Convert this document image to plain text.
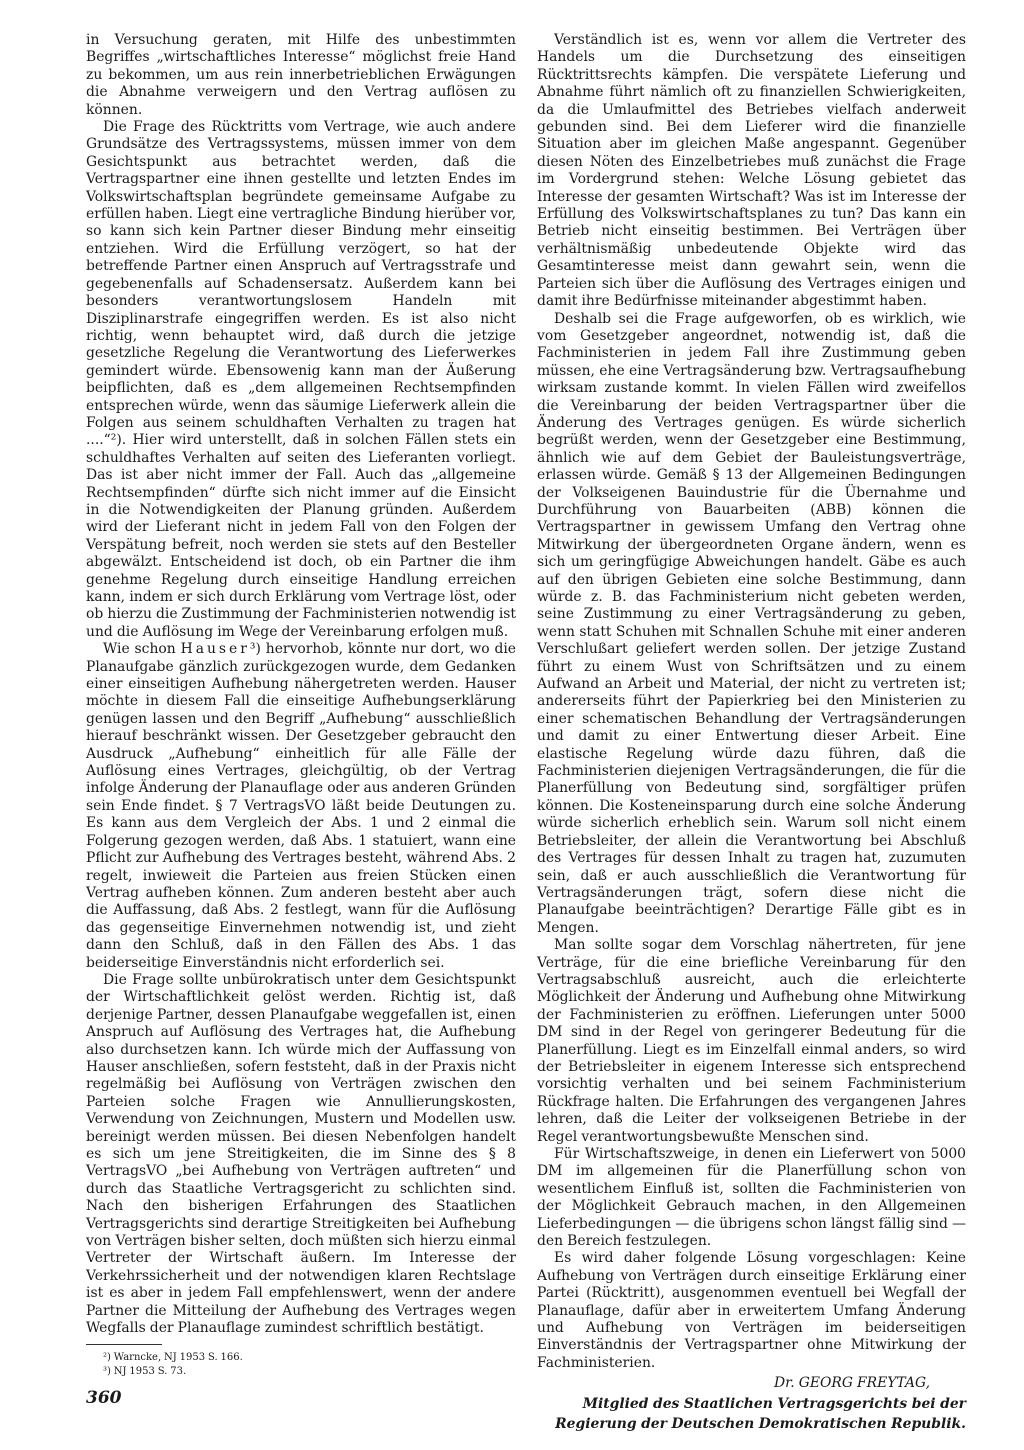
in Versuchung geraten, mit Hilfe des unbestimmten Begriffes „wirtschaftliches Interesse“ möglichst freie Hand zu bekommen, um aus rein innerbetrieblichen Erwägungen die Abnahme verweigern und den Vertrag auflösen zu können.

Die Frage des Rücktritts vom Vertrage, wie auch andere Grundsätze des Vertragssystems, müssen immer von dem Gesichtspunkt aus betrachtet werden, daß die Vertragspartner eine ihnen gestellte und letzten Endes im Volkswirtschaftsplan begründete gemeinsame Aufgabe zu erfüllen haben. Liegt eine vertragliche Bindung hierüber vor, so kann sich kein Partner dieser Bindung mehr einseitig entziehen. Wird die Erfüllung verzögert, so hat der betreffende Partner einen Anspruch auf Vertragsstrafe und gegebenenfalls auf Schadensersatz. Außerdem kann bei besonders verantwortungslosem Handeln mit Disziplinarstrafe eingegriffen werden. Es ist also nicht richtig, wenn behauptet wird, daß durch die jetzige gesetzliche Regelung die Verantwortung des Lieferwerkes gemindert würde. Ebensowenig kann man der Äußerung beipflichten, daß es „dem allgemeinen Rechtsempfinden entsprechen würde, wenn das säumige Lieferwerk allein die Folgen aus seinem schuldhaften Verhalten zu tragen hat ....“²). Hier wird unterstellt, daß in solchen Fällen stets ein schuldhaftes Verhalten auf seiten des Lieferanten vorliegt. Das ist aber nicht immer der Fall. Auch das „allgemeine Rechtsempfinden“ dürfte sich nicht immer auf die Einsicht in die Notwendigkeiten der Planung gründen. Außerdem wird der Lieferant nicht in jedem Fall von den Folgen der Verspätung befreit, noch werden sie stets auf den Besteller abgewälzt. Entscheidend ist doch, ob ein Partner die ihm genehme Regelung durch einseitige Handlung erreichen kann, indem er sich durch Erklärung vom Vertrage löst, oder ob hierzu die Zustimmung der Fachministerien notwendig ist und die Auflösung im Wege der Vereinbarung erfolgen muß.

Wie schon Hauser³) hervorhob, könnte nur dort, wo die Planaufgabe gänzlich zurückgezogen wurde, dem Gedanken einer einseitigen Aufhebung nähergetreten werden. Hauser möchte in diesem Fall die einseitige Aufhebungserklärung genügen lassen und den Begriff „Aufhebung“ ausschließlich hierauf beschränkt wissen. Der Gesetzgeber gebraucht den Ausdruck „Aufhebung“ einheitlich für alle Fälle der Auflösung eines Vertrages, gleichgültig, ob der Vertrag infolge Änderung der Planauflage oder aus anderen Gründen sein Ende findet. § 7 VertragsVO läßt beide Deutungen zu. Es kann aus dem Vergleich der Abs. 1 und 2 einmal die Folgerung gezogen werden, daß Abs. 1 statuiert, wann eine Pflicht zur Aufhebung des Vertrages besteht, während Abs. 2 regelt, inwieweit die Parteien aus freien Stücken einen Vertrag aufheben können. Zum anderen besteht aber auch die Auffassung, daß Abs. 2 festlegt, wann für die Auflösung das gegenseitige Einvernehmen notwendig ist, und zieht dann den Schluß, daß in den Fällen des Abs. 1 das beiderseitige Einverständnis nicht erforderlich sei.

Die Frage sollte unbürokratisch unter dem Gesichtspunkt der Wirtschaftlichkeit gelöst werden. Richtig ist, daß derjenige Partner, dessen Planaufgabe weggefallen ist, einen Anspruch auf Auflösung des Vertrages hat, die Aufhebung also durchsetzen kann. Ich würde mich der Auffassung von Hauser anschließen, sofern feststeht, daß in der Praxis nicht regelmäßig bei Auflösung von Verträgen zwischen den Parteien solche Fragen wie Annullierungskosten, Verwendung von Zeichnungen, Mustern und Modellen usw. bereinigt werden müssen. Bei diesen Nebenfolgen handelt es sich um jene Streitigkeiten, die im Sinne des § 8 VertragsVO „bei Aufhebung von Verträgen auftreten“ und durch das Staatliche Vertragsgericht zu schlichten sind. Nach den bisherigen Erfahrungen des Staatlichen Vertragsgerichts sind derartige Streitigkeiten bei Aufhebung von Verträgen bisher selten, doch müßten sich hierzu einmal Vertreter der Wirtschaft äußern. Im Interesse der Verkehrssicherheit und der notwendigen klaren Rechtslage ist es aber in jedem Fall empfehlenswert, wenn der andere Partner die Mitteilung der Aufhebung des Vertrages wegen Wegfalls der Planauflage zumindest schriftlich bestätigt.

²) Warncke, NJ 1953 S. 166.

³) NJ 1953 S. 73.

Verständlich ist es, wenn vor allem die Vertreter des Handels um die Durchsetzung des einseitigen Rücktrittsrechts kämpfen. Die verspätete Lieferung und Abnahme führt nämlich oft zu finanziellen Schwierigkeiten, da die Umlaufmittel des Betriebes vielfach anderweit gebunden sind. Bei dem Lieferer wird die finanzielle Situation aber im gleichen Maße angespannt. Gegenüber diesen Nöten des Einzelbetriebes muß zunächst die Frage im Vordergrund stehen: Welche Lösung gebietet das Interesse der gesamten Wirtschaft? Was ist im Interesse der Erfüllung des Volkswirtschaftsplanes zu tun? Das kann ein Betrieb nicht einseitig bestimmen. Bei Verträgen über verhältnismäßig unbedeutende Objekte wird das Gesamtinteresse meist dann gewahrt sein, wenn die Parteien sich über die Auflösung des Vertrages einigen und damit ihre Bedürfnisse miteinander abgestimmt haben.

Deshalb sei die Frage aufgeworfen, ob es wirklich, wie vom Gesetzgeber angeordnet, notwendig ist, daß die Fachministerien in jedem Fall ihre Zustimmung geben müssen, ehe eine Vertragsänderung bzw. Vertragsaufhebung wirksam zustande kommt. In vielen Fällen wird zweifellos die Vereinbarung der beiden Vertragspartner über die Änderung des Vertrages genügen. Es würde sicherlich begrüßt werden, wenn der Gesetzgeber eine Bestimmung, ähnlich wie auf dem Gebiet der Bauleistungsverträge, erlassen würde. Gemäß § 13 der Allgemeinen Bedingungen der Volkseigenen Bauindustrie für die Übernahme und Durchführung von Bauarbeiten (ABB) können die Vertragspartner in gewissem Umfang den Vertrag ohne Mitwirkung der übergeordneten Organe ändern, wenn es sich um geringfügige Abweichungen handelt. Gäbe es auch auf den übrigen Gebieten eine solche Bestimmung, dann würde z. B. das Fachministerium nicht gebeten werden, seine Zustimmung zu einer Vertragsänderung zu geben, wenn statt Schuhen mit Schnallen Schuhe mit einer anderen Verschlußart geliefert werden sollen. Der jetzige Zustand führt zu einem Wust von Schriftsätzen und zu einem Aufwand an Arbeit und Material, der nicht zu vertreten ist; andererseits führt der Papierkrieg bei den Ministerien zu einer schematischen Behandlung der Vertragsänderungen und damit zu einer Entwertung dieser Arbeit. Eine elastische Regelung würde dazu führen, daß die Fachministerien diejenigen Vertragsänderungen, die für die Planerfüllung von Bedeutung sind, sorgfältiger prüfen können. Die Kosteneinsparung durch eine solche Änderung würde sicherlich erheblich sein. Warum soll nicht einem Betriebsleiter, der allein die Verantwortung bei Abschluß des Vertrages für dessen Inhalt zu tragen hat, zuzumuten sein, daß er auch ausschließlich die Verantwortung für Vertragsänderungen trägt, sofern diese nicht die Planaufgabe beeinträchtigen? Derartige Fälle gibt es in Mengen.

Man sollte sogar dem Vorschlag nähertreten, für jene Verträge, für die eine briefliche Vereinbarung für den Vertragsabschluß ausreicht, auch die erleichterte Möglichkeit der Änderung und Aufhebung ohne Mitwirkung der Fachministerien zu eröffnen. Lieferungen unter 5000 DM sind in der Regel von geringerer Bedeutung für die Planerfüllung. Liegt es im Einzelfall einmal anders, so wird der Betriebsleiter in eigenem Interesse sich entsprechend vorsichtig verhalten und bei seinem Fachministerium Rückfrage halten. Die Erfahrungen des vergangenen Jahres lehren, daß die Leiter der volkseigenen Betriebe in der Regel verantwortungsbewußte Menschen sind.

Für Wirtschaftszweige, in denen ein Lieferwert von 5000 DM im allgemeinen für die Planerfüllung schon von wesentlichem Einfluß ist, sollten die Fachministerien von der Möglichkeit Gebrauch machen, in den Allgemeinen Lieferbedingungen — die übrigens schon längst fällig sind — den Bereich festzulegen.

Es wird daher folgende Lösung vorgeschlagen: Keine Aufhebung von Verträgen durch einseitige Erklärung einer Partei (Rücktritt), ausgenommen eventuell bei Wegfall der Planauflage, dafür aber in erweitertem Umfang Änderung und Aufhebung von Verträgen im beiderseitigen Einverständnis der Vertragspartner ohne Mitwirkung der Fachministerien.

Dr. GEORG FREYTAG,
Mitglied des Staatlichen Vertragsgerichts bei der
Regierung der Deutschen Demokratischen Republik.
360
